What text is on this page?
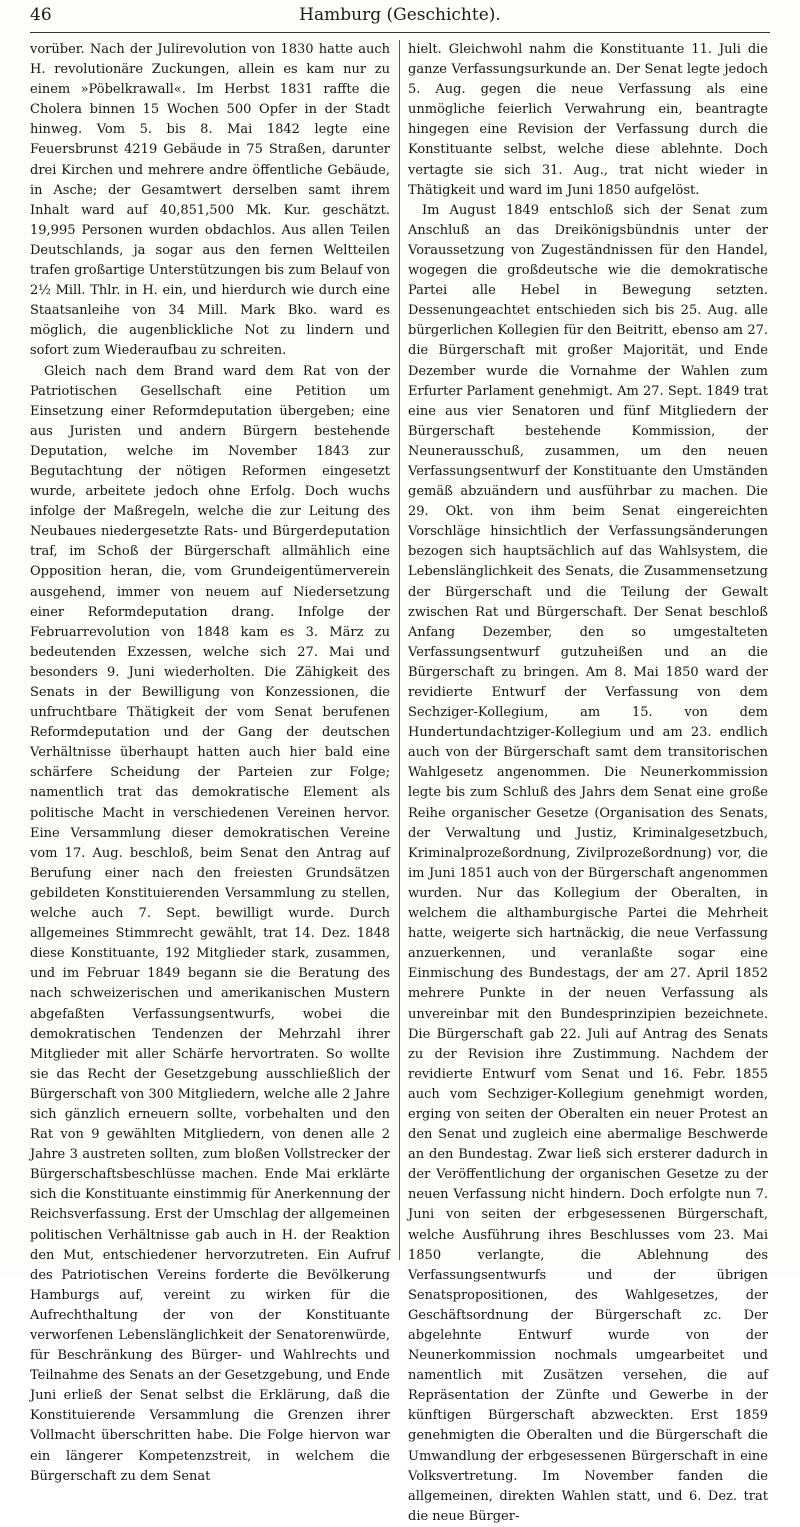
46	Hamburg (Geschichte).

vorüber. Nach der Julirevolution von 1830 hatte auch H. revolutionäre Zuckungen, allein es kam nur zu einem »Pöbelkrawall«. Im Herbst 1831 raffte die Cholera binnen 15 Wochen 500 Opfer in der Stadt hinweg. Vom 5. bis 8. Mai 1842 legte eine Feuersbrunst 4219 Gebäude in 75 Straßen, darunter drei Kirchen und mehrere andre öffentliche Gebäude, in Asche; der Gesamtwert derselben samt ihrem Inhalt ward auf 40,851,500 Mk. Kur. geschätzt. 19,995 Personen wurden obdachlos. Aus allen Teilen Deutschlands, ja sogar aus den fernen Weltteilen trafen großartige Unterstützungen bis zum Belauf von 2½ Mill. Thlr. in H. ein, und hierdurch wie durch eine Staatsanleihe von 34 Mill. Mark Bko. ward es möglich, die augenblickliche Not zu lindern und sofort zum Wiederaufbau zu schreiten.

Gleich nach dem Brand ward dem Rat von der Patriotischen Gesellschaft eine Petition um Einsetzung einer Reformdeputation übergeben; eine aus Juristen und andern Bürgern bestehende Deputation, welche im November 1843 zur Begutachtung der nötigen Reformen eingesetzt wurde, arbeitete jedoch ohne Erfolg. Doch wuchs infolge der Maßregeln, welche die zur Leitung des Neubaues niedergesetzte Rats- und Bürgerdeputation traf, im Schoß der Bürgerschaft allmählich eine Opposition heran, die, vom Grundeigentümerverein ausgehend, immer von neuem auf Niedersetzung einer Reformdeputation drang. Infolge der Februarrevolution von 1848 kam es 3. März zu bedeutenden Exzessen, welche sich 27. Mai und besonders 9. Juni wiederholten. Die Zähigkeit des Senats in der Bewilligung von Konzessionen, die unfruchtbare Thätigkeit der vom Senat berufenen Reformdeputation und der Gang der deutschen Verhältnisse überhaupt hatten auch hier bald eine schärfere Scheidung der Parteien zur Folge; namentlich trat das demokratische Element als politische Macht in verschiedenen Vereinen hervor. Eine Versammlung dieser demokratischen Vereine vom 17. Aug. beschloß, beim Senat den Antrag auf Berufung einer nach den freiesten Grundsätzen gebildeten Konstituierenden Versammlung zu stellen, welche auch 7. Sept. bewilligt wurde. Durch allgemeines Stimmrecht gewählt, trat 14. Dez. 1848 diese Konstituante, 192 Mitglieder stark, zusammen, und im Februar 1849 begann sie die Beratung des nach schweizerischen und amerikanischen Mustern abgefaßten Verfassungsentwurfs, wobei die demokratischen Tendenzen der Mehrzahl ihrer Mitglieder mit aller Schärfe hervortraten. So wollte sie das Recht der Gesetzgebung ausschließlich der Bürgerschaft von 300 Mitgliedern, welche alle 2 Jahre sich gänzlich erneuern sollte, vorbehalten und den Rat von 9 gewählten Mitgliedern, von denen alle 2 Jahre 3 austreten sollten, zum bloßen Vollstrecker der Bürgerschaftsbeschlüsse machen. Ende Mai erklärte sich die Konstituante einstimmig für Anerkennung der Reichsverfassung. Erst der Umschlag der allgemeinen politischen Verhältnisse gab auch in H. der Reaktion den Mut, entschiedener hervorzutreten. Ein Aufruf des Patriotischen Vereins forderte die Bevölkerung Hamburgs auf, vereint zu wirken für die Aufrechthaltung der von der Konstituante verworfenen Lebenslänglichkeit der Senatorenwürde, für Beschränkung des Bürger- und Wahlrechts und Teilnahme des Senats an der Gesetzgebung, und Ende Juni erließ der Senat selbst die Erklärung, daß die Konstituierende Versammlung die Grenzen ihrer Vollmacht überschritten habe. Die Folge hiervon war ein längerer Kompetenzstreit, in welchem die Bürgerschaft zu dem Senat

hielt. Gleichwohl nahm die Konstituante 11. Juli die ganze Verfassungsurkunde an. Der Senat legte jedoch 5. Aug. gegen die neue Verfassung als eine unmögliche feierlich Verwahrung ein, beantragte hingegen eine Revision der Verfassung durch die Konstituante selbst, welche diese ablehnte. Doch vertagte sie sich 31. Aug., trat nicht wieder in Thätigkeit und ward im Juni 1850 aufgelöst.

Im August 1849 entschloß sich der Senat zum Anschluß an das Dreikönigsbündnis unter der Voraussetzung von Zugeständnissen für den Handel, wogegen die großdeutsche wie die demokratische Partei alle Hebel in Bewegung setzten. Dessenungeachtet entschieden sich bis 25. Aug. alle bürgerlichen Kollegien für den Beitritt, ebenso am 27. die Bürgerschaft mit großer Majorität, und Ende Dezember wurde die Vornahme der Wahlen zum Erfurter Parlament genehmigt. Am 27. Sept. 1849 trat eine aus vier Senatoren und fünf Mitgliedern der Bürgerschaft bestehende Kommission, der Neunerausschuß, zusammen, um den neuen Verfassungsentwurf der Konstituante den Umständen gemäß abzuändern und ausführbar zu machen. Die 29. Okt. von ihm beim Senat eingereichten Vorschläge hinsichtlich der Verfassungsänderungen bezogen sich hauptsächlich auf das Wahlsystem, die Lebenslänglichkeit des Senats, die Zusammensetzung der Bürgerschaft und die Teilung der Gewalt zwischen Rat und Bürgerschaft. Der Senat beschloß Anfang Dezember, den so umgestalteten Verfassungsentwurf gutzuheißen und an die Bürgerschaft zu bringen. Am 8. Mai 1850 ward der revidierte Entwurf der Verfassung von dem Sechziger-Kollegium, am 15. von dem Hundertundachtziger-Kollegium und am 23. endlich auch von der Bürgerschaft samt dem transitorischen Wahlgesetz angenommen. Die Neunerkommission legte bis zum Schluß des Jahrs dem Senat eine große Reihe organischer Gesetze (Organisation des Senats, der Verwaltung und Justiz, Kriminalgesetzbuch, Kriminalprozeßordnung, Zivilprozeßordnung) vor, die im Juni 1851 auch von der Bürgerschaft angenommen wurden. Nur das Kollegium der Oberalten, in welchem die althamburgische Partei die Mehrheit hatte, weigerte sich hartnäckig, die neue Verfassung anzuerkennen, und veranlaßte sogar eine Einmischung des Bundestags, der am 27. April 1852 mehrere Punkte in der neuen Verfassung als unvereinbar mit den Bundesprinzipien bezeichnete. Die Bürgerschaft gab 22. Juli auf Antrag des Senats zu der Revision ihre Zustimmung. Nachdem der revidierte Entwurf vom Senat und 16. Febr. 1855 auch vom Sechziger-Kollegium genehmigt worden, erging von seiten der Oberalten ein neuer Protest an den Senat und zugleich eine abermalige Beschwerde an den Bundestag. Zwar ließ sich ersterer dadurch in der Veröffentlichung der organischen Gesetze zu der neuen Verfassung nicht hindern. Doch erfolgte nun 7. Juni von seiten der erbgesessenen Bürgerschaft, welche Ausführung ihres Beschlusses vom 23. Mai 1850 verlangte, die Ablehnung des Verfassungsentwurfs und der übrigen Senatspropositionen, des Wahlgesetzes, der Geschäftsordnung der Bürgerschaft zc. Der abgelehnte Entwurf wurde von der Neunerkommission nochmals umgearbeitet und namentlich mit Zusätzen versehen, die auf Repräsentation der Zünfte und Gewerbe in der künftigen Bürgerschaft abzweckten. Erst 1859 genehmigten die Oberalten und die Bürgerschaft die Umwandlung der erbgesessenen Bürgerschaft in eine Volksvertretung. Im November fanden die allgemeinen, direkten Wahlen statt, und 6. Dez. trat die neue Bürger-
